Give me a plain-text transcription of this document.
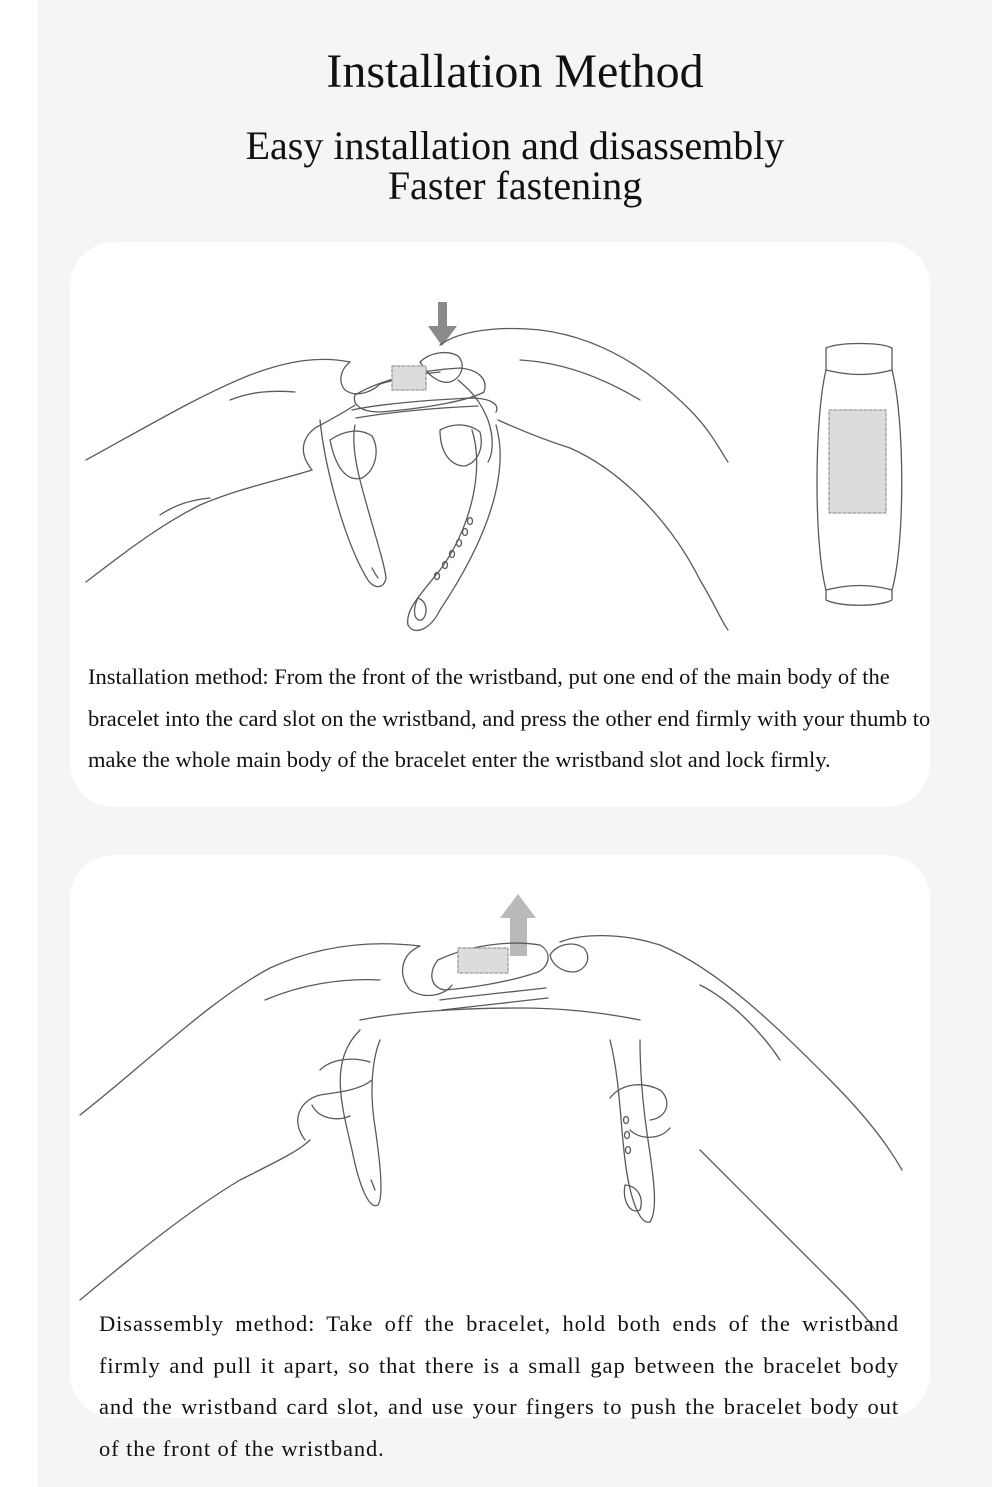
Installation Method
Easy installation and disassembly
Faster fastening
Installation method: From the front of the wristband, put one end of the main body of the bracelet into the card slot on the wristband, and press the other end firmly with your thumb to make the whole main body of the bracelet enter the wristband slot and lock firmly.
Disassembly method: Take off the bracelet, hold both ends of the wristband firmly and pull it apart, so that there is a small gap between the bracelet body and the wristband card slot, and use your fingers to push the bracelet body out of the front of the wristband.
